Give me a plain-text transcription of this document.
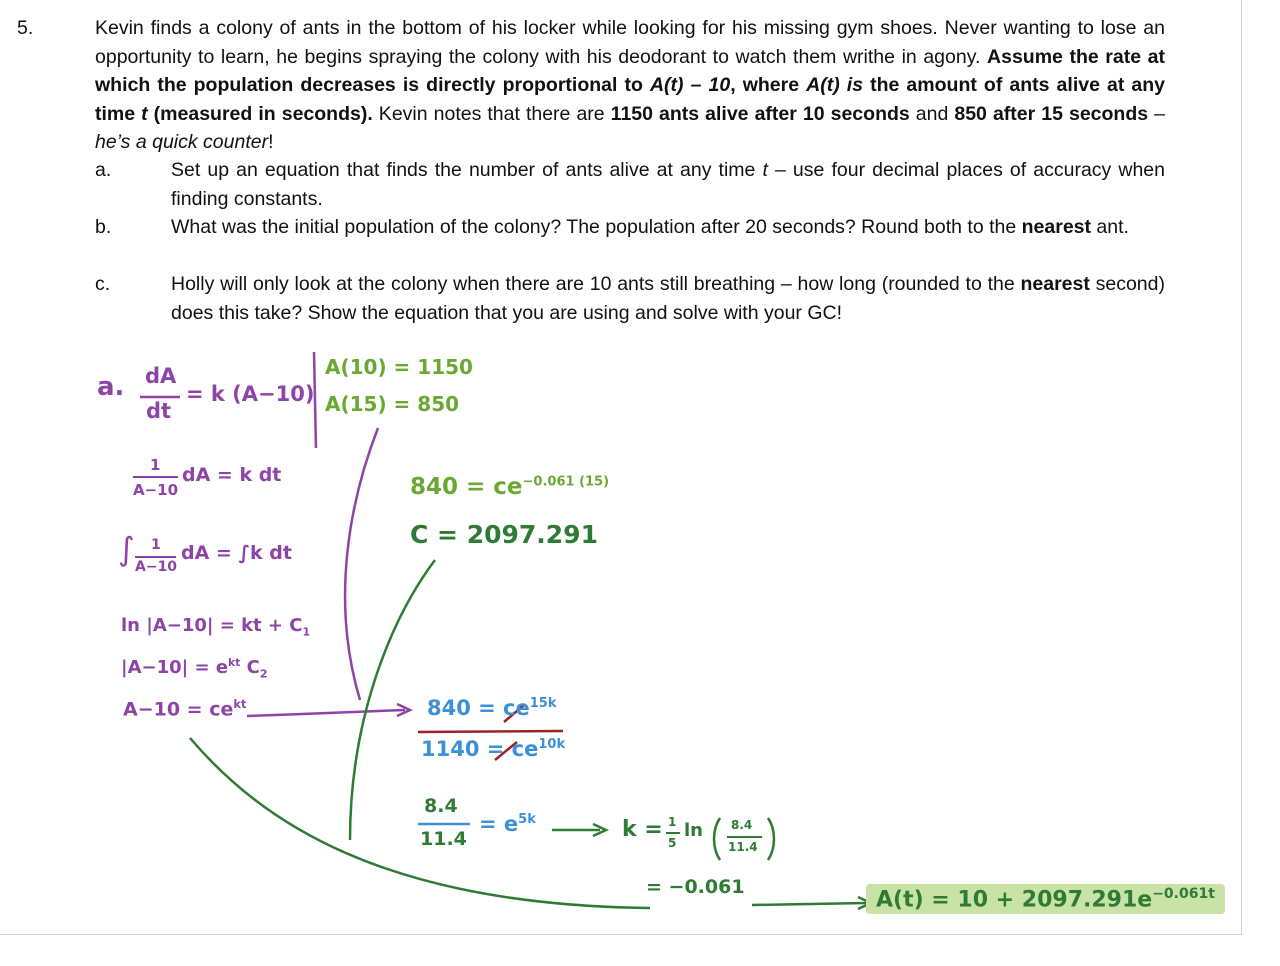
5.	Kevin finds a colony of ants in the bottom of his locker while looking for his missing gym shoes. Never wanting to lose an opportunity to learn, he begins spraying the colony with his deodorant to watch them writhe in agony. Assume the rate at which the population decreases is directly proportional to A(t) – 10, where A(t) is the amount of ants alive at any time t (measured in seconds). Kevin notes that there are 1150 ants alive after 10 seconds and 850 after 15 seconds – he’s a quick counter!

a.	Set up an equation that finds the number of ants alive at any time t – use four decimal places of accuracy when finding constants.
b.	What was the initial population of the colony? The population after 20 seconds? Round both to the nearest ant.
c.	Holly will only look at the colony when there are 10 ants still breathing – how long (rounded to the nearest second) does this take? Show the equation that you are using and solve with your GC!
a. dA
dt
= k (A−10)
A(10) = 1150
A(15) = 850
1
A−10
dA = k dt
∫ 1
A−10
dA = ∫k dt
ln |A−10| = kt + $C_1$
$|A-10| = e^{kt}$ $C_2$
$A-10 = ce^{kt}$
$840 = ce^{-0.061 (15)}$
C = 2097.291
$840 = ce^{15k}$
$1140 = ce^{10k}$
8.4
11.4
= $e^{5k}$	k = 1
5
ln 8.4
11.4
= −0.061
$A(t) = 10 + 2097.291e^{-0.061t}$
